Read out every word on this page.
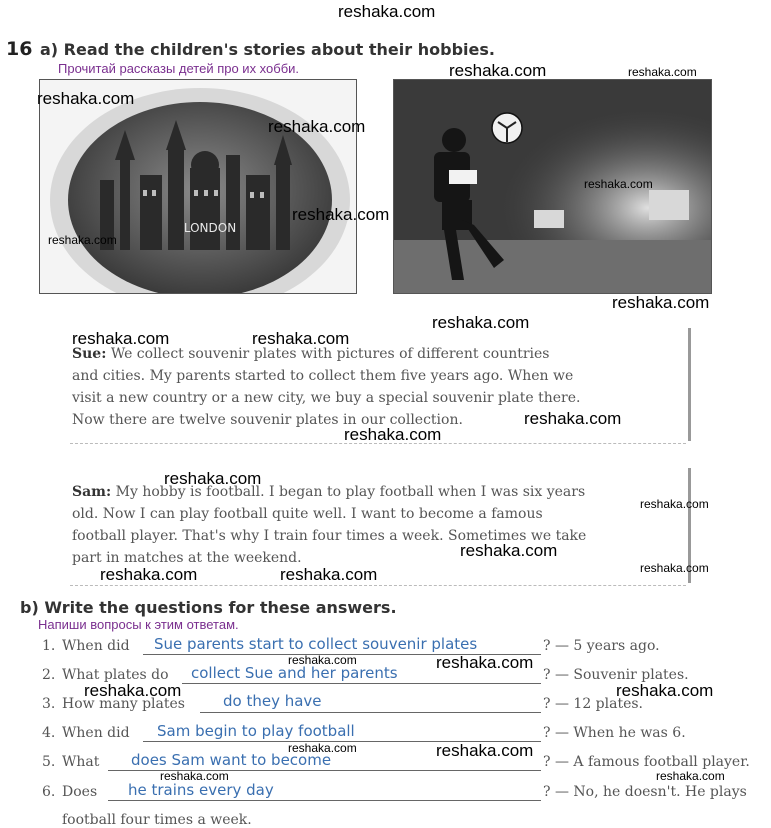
reshaka.com
16 a) Read the children's stories about their hobbies.
Прочитай рассказы детей про их хобби.
LONDON
Sue: We collect souvenir plates with pictures of different countries
and cities. My parents started to collect them five years ago. When we
visit a new country or a new city, we buy a special souvenir plate there.
Now there are twelve souvenir plates in our collection.
Sam: My hobby is football. I began to play football when I was six years
old. Now I can play football quite well. I want to become a famous
football player. That's why I train four times a week. Sometimes we take
part in matches at the weekend.
b) Write the questions for these answers.
Напиши вопросы к этим ответам.
1. When did Sue parents start to collect souvenir plates	? — 5 years ago.
2. What plates do collect Sue and her parents	? — Souvenir plates.
3. How many plates	do they have	? — 12 plates.
4. When did Sam begin to play football	? — When he was 6.
5. What does Sam want to become	? — A famous football player.
6. Does he trains every day	? — No, he doesn't. He plays
football four times a week.
reshaka.com	reshaka.com
reshaka.com
reshaka.com
reshaka.com
reshaka.com
reshaka.com
reshaka.com
reshaka.com
reshaka.com	reshaka.com
reshaka.com
reshaka.com
reshaka.com
reshaka.com
reshaka.com
reshaka.com
reshaka.com	reshaka.com
reshaka.com	reshaka.com
reshaka.com	reshaka.com
reshaka.com	reshaka.com
reshaka.com	reshaka.com
